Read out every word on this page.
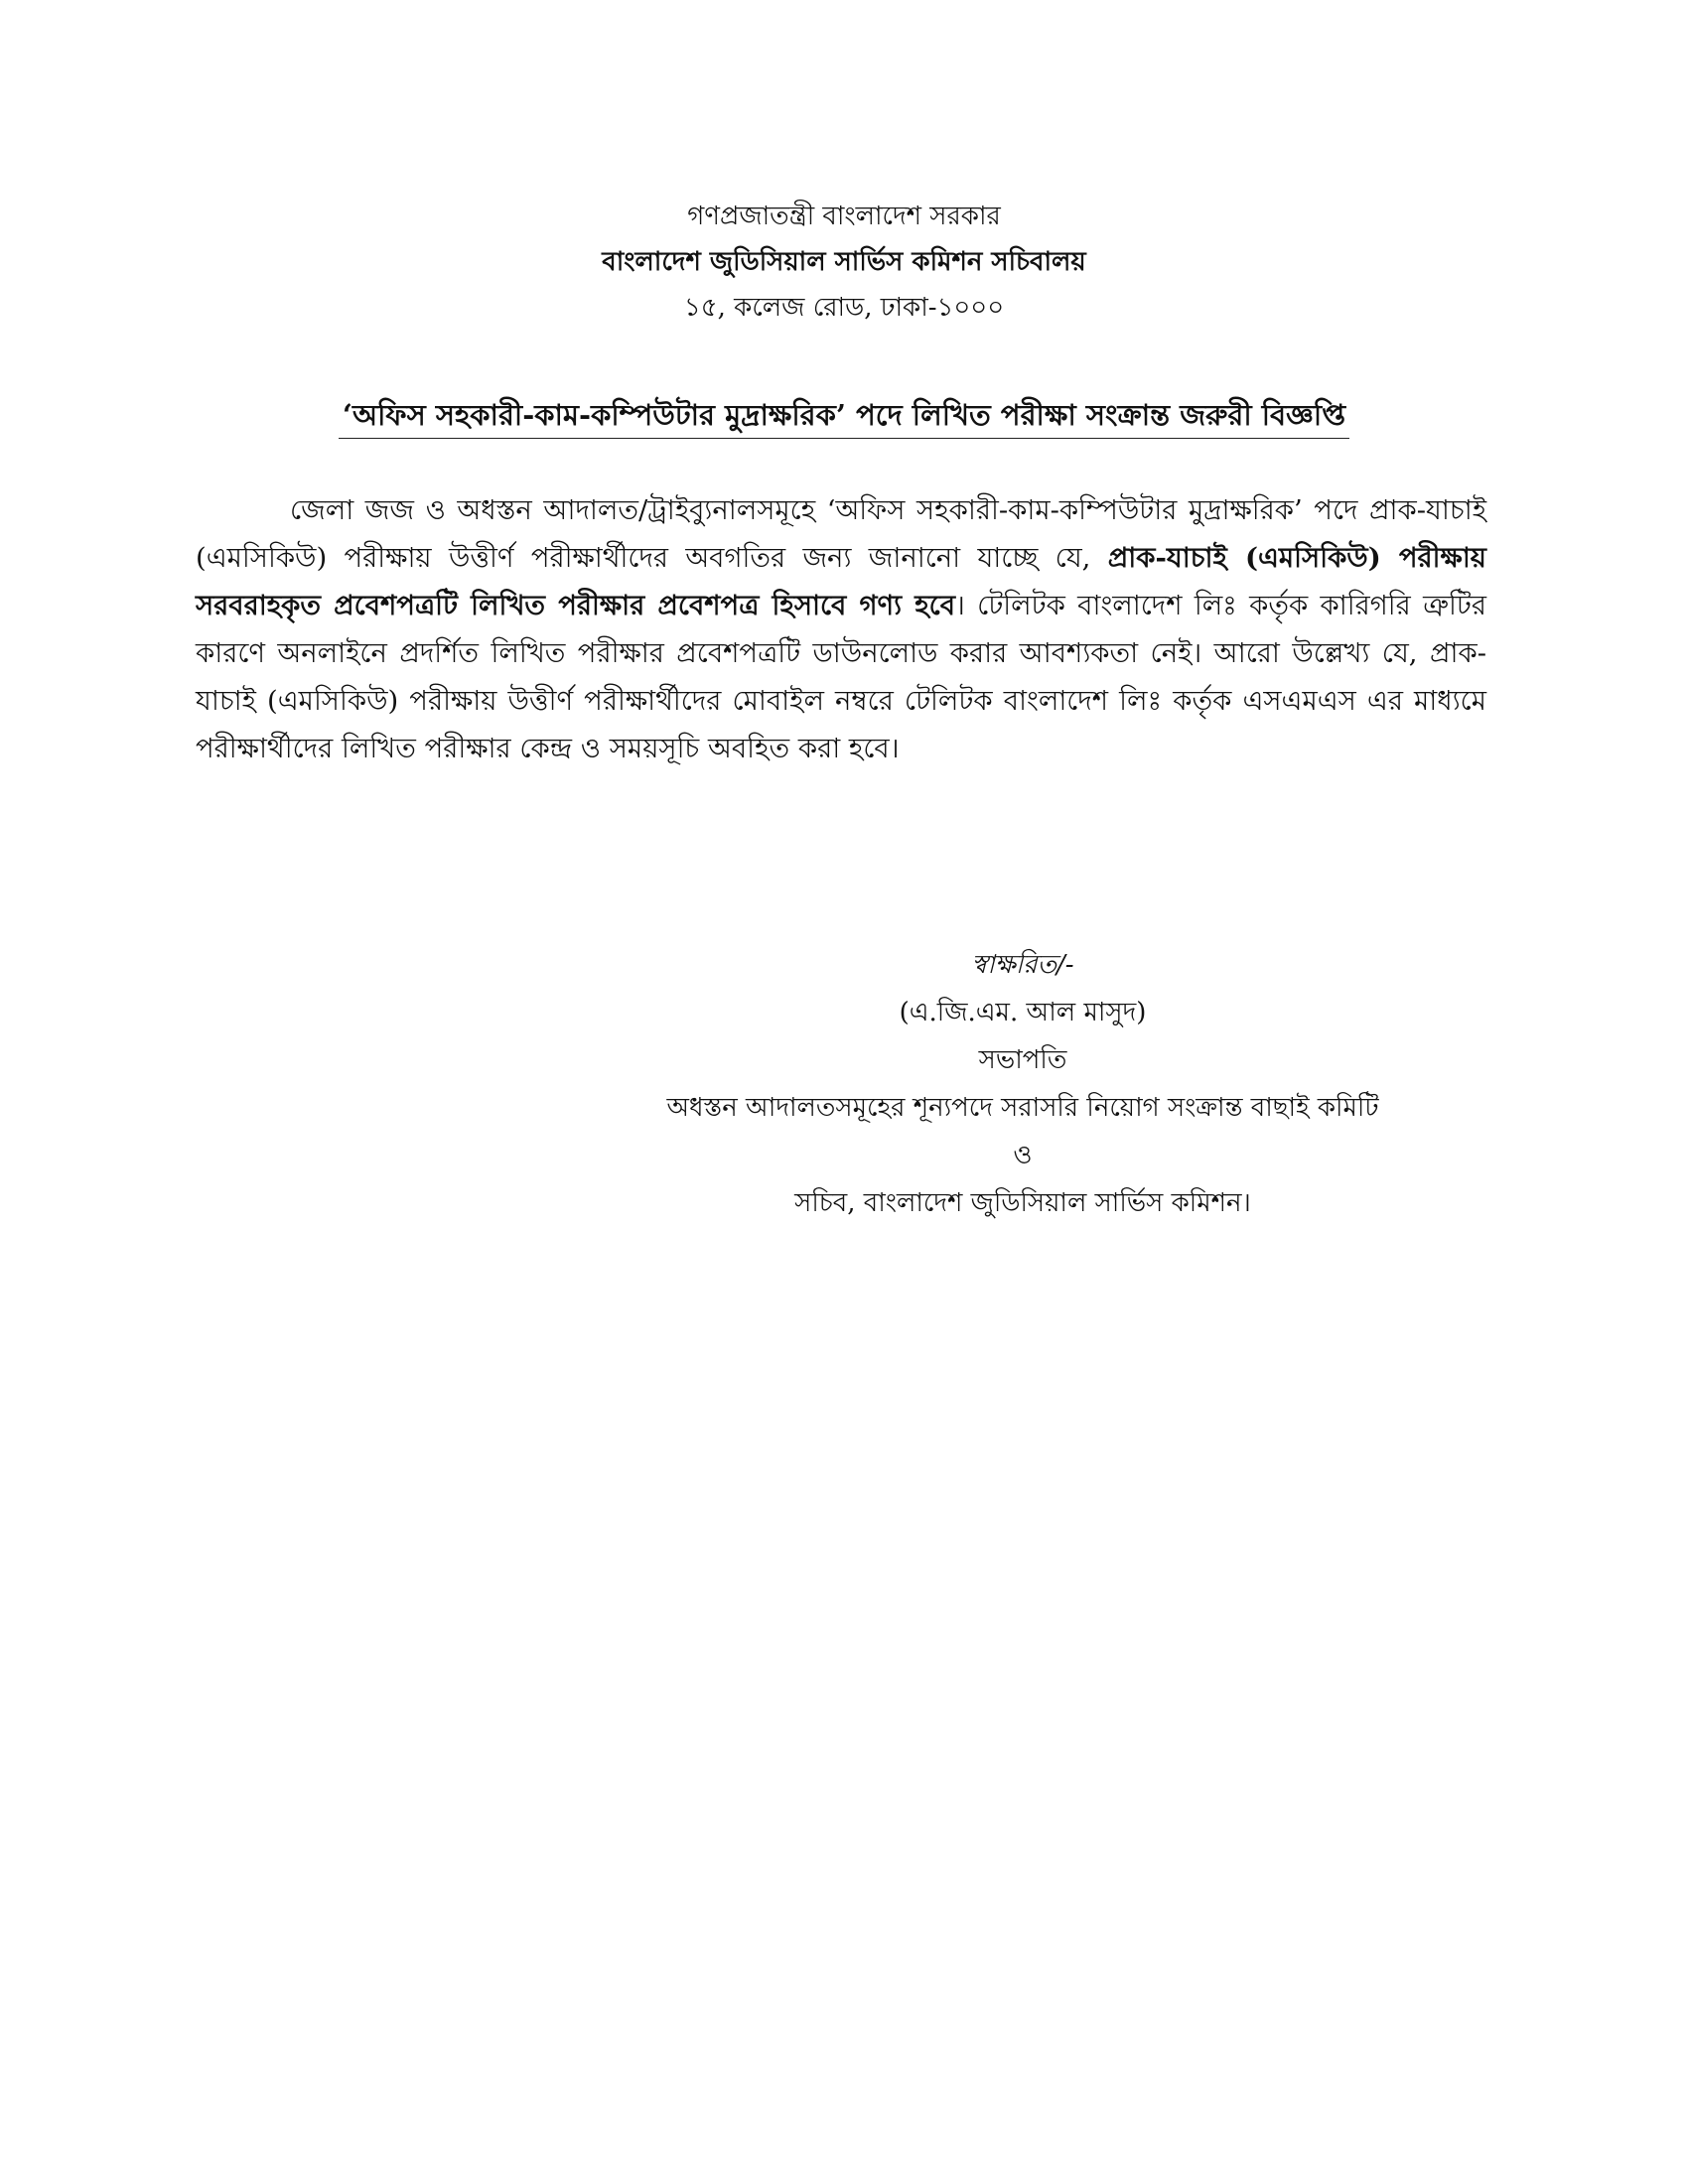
গণপ্রজাতন্ত্রী বাংলাদেশ সরকার
বাংলাদেশ জুডিসিয়াল সার্ভিস কমিশন সচিবালয়
১৫, কলেজ রোড, ঢাকা-১০০০
‘অফিস সহকারী-কাম-কম্পিউটার মুদ্রাক্ষরিক’ পদে লিখিত পরীক্ষা সংক্রান্ত জরুরী বিজ্ঞপ্তি
জেলা জজ ও অধস্তন আদালত/ট্রাইব্যুনালসমূহে ‘অফিস সহকারী-কাম-কম্পিউটার মুদ্রাক্ষরিক’ পদে প্রাক-যাচাই (এমসিকিউ) পরীক্ষায় উত্তীর্ণ পরীক্ষার্থীদের অবগতির জন্য জানানো যাচ্ছে যে, প্রাক-যাচাই (এমসিকিউ) পরীক্ষায় সরবরাহকৃত প্রবেশপত্রটি লিখিত পরীক্ষার প্রবেশপত্র হিসাবে গণ্য হবে। টেলিটক বাংলাদেশ লিঃ কর্তৃক কারিগরি ত্রুটির কারণে অনলাইনে প্রদর্শিত লিখিত পরীক্ষার প্রবেশপত্রটি ডাউনলোড করার আবশ্যকতা নেই। আরো উল্লেখ্য যে, প্রাক-যাচাই (এমসিকিউ) পরীক্ষায় উত্তীর্ণ পরীক্ষার্থীদের মোবাইল নম্বরে টেলিটক বাংলাদেশ লিঃ কর্তৃক এসএমএস এর মাধ্যমে পরীক্ষার্থীদের লিখিত পরীক্ষার কেন্দ্র ও সময়সূচি অবহিত করা হবে।
স্বাক্ষরিত/-
(এ.জি.এম. আল মাসুদ)
সভাপতি
অধস্তন আদালতসমূহের শূন্যপদে সরাসরি নিয়োগ সংক্রান্ত বাছাই কমিটি
ও
সচিব, বাংলাদেশ জুডিসিয়াল সার্ভিস কমিশন।
